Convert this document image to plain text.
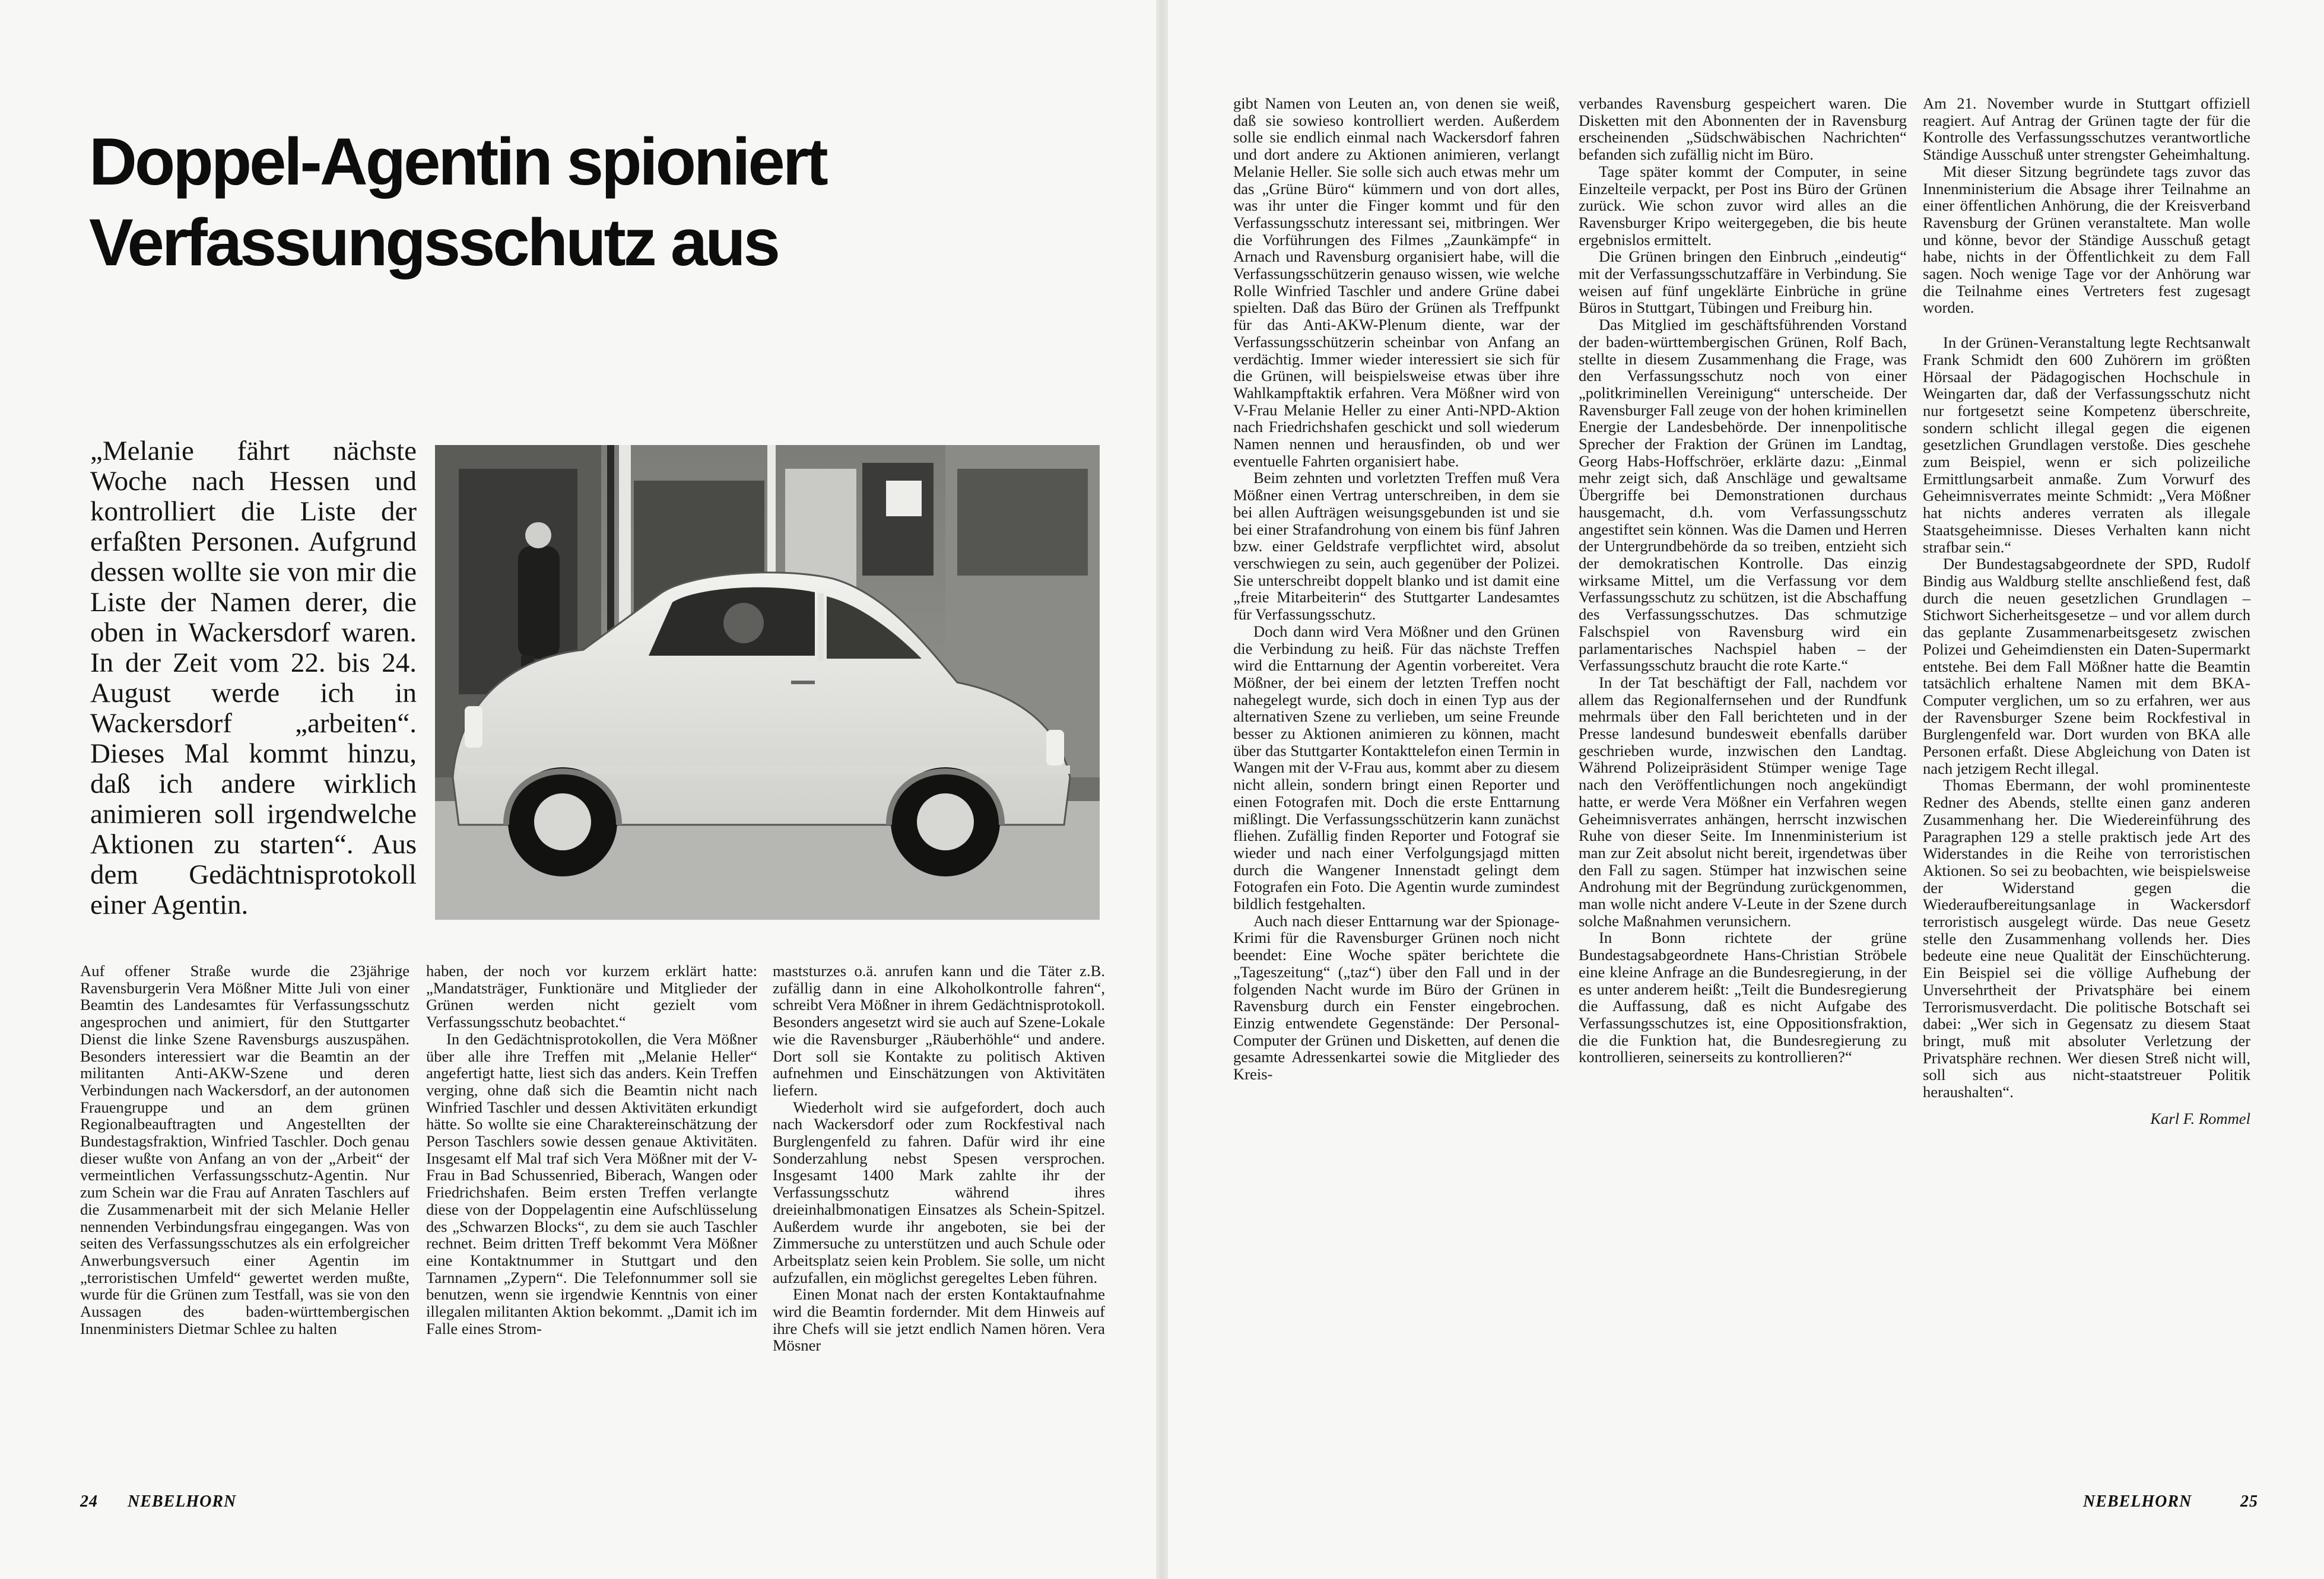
Doppel-Agentin spioniert
Verfassungsschutz aus

„Melanie fährt nächste Woche nach Hessen und kontrolliert die Liste der erfaßten Personen. Aufgrund dessen wollte sie von mir die Liste der Namen derer, die oben in Wackersdorf waren. In der Zeit vom 22. bis 24. August werde ich in Wackersdorf „arbeiten“. Dieses Mal kommt hinzu, daß ich andere wirklich animieren soll irgendwelche Aktionen zu starten“. Aus dem Gedächtnisprotokoll einer Agentin.

Auf offener Straße wurde die 23jährige Ravensburgerin Vera Mößner Mitte Juli von einer Beamtin des Landesamtes für Verfassungsschutz angesprochen und animiert, für den Stuttgarter Dienst die linke Szene Ravensburgs auszuspähen. Besonders interessiert war die Beamtin an der militanten Anti-AKW-Szene und deren Verbindungen nach Wackersdorf, an der autonomen Frauengruppe und an dem grünen Regionalbeauftragten und Angestellten der Bundestagsfraktion, Winfried Taschler. Doch genau dieser wußte von Anfang an von der „Arbeit“ der vermeintlichen Verfassungsschutz-Agentin. Nur zum Schein war die Frau auf Anraten Taschlers auf die Zusammenarbeit mit der sich Melanie Heller nennenden Verbindungsfrau eingegangen. Was von seiten des Verfassungsschutzes als ein erfolgreicher Anwerbungsversuch einer Agentin im „terroristischen Umfeld“ gewertet werden mußte, wurde für die Grünen zum Testfall, was sie von den Aussagen des baden-württembergischen Innenministers Dietmar Schlee zu halten

haben, der noch vor kurzem erklärt hatte: „Mandatsträger, Funktionäre und Mitglieder der Grünen werden nicht gezielt vom Verfassungsschutz beobachtet.“

In den Gedächtnisprotokollen, die Vera Mößner über alle ihre Treffen mit „Melanie Heller“ angefertigt hatte, liest sich das anders. Kein Treffen verging, ohne daß sich die Beamtin nicht nach Winfried Taschler und dessen Aktivitäten erkundigt hätte. So wollte sie eine Charaktereinschätzung der Person Taschlers sowie dessen genaue Aktivitäten. Insgesamt elf Mal traf sich Vera Mößner mit der V-Frau in Bad Schussenried, Biberach, Wangen oder Friedrichshafen. Beim ersten Treffen verlangte diese von der Doppelagentin eine Aufschlüsselung des „Schwarzen Blocks“, zu dem sie auch Taschler rechnet. Beim dritten Treff bekommt Vera Mößner eine Kontaktnummer in Stuttgart und den Tarnnamen „Zypern“. Die Telefonnummer soll sie benutzen, wenn sie irgendwie Kenntnis von einer illegalen militanten Aktion bekommt. „Damit ich im Falle eines Strom-

maststurzes o.ä. anrufen kann und die Täter z.B. zufällig dann in eine Alkoholkontrolle fahren“, schreibt Vera Mößner in ihrem Gedächtnisprotokoll. Besonders angesetzt wird sie auch auf Szene-Lokale wie die Ravensburger „Räuberhöhle“ und andere. Dort soll sie Kontakte zu politisch Aktiven aufnehmen und Einschätzungen von Aktivitäten liefern.

Wiederholt wird sie aufgefordert, doch auch nach Wackersdorf oder zum Rockfestival nach Burglengenfeld zu fahren. Dafür wird ihr eine Sonderzahlung nebst Spesen versprochen. Insgesamt 1400 Mark zahlte ihr der Verfassungsschutz während ihres dreieinhalbmonatigen Einsatzes als Schein-Spitzel. Außerdem wurde ihr angeboten, sie bei der Zimmersuche zu unterstützen und auch Schule oder Arbeitsplatz seien kein Problem. Sie solle, um nicht aufzufallen, ein möglichst geregeltes Leben führen.

Einen Monat nach der ersten Kontaktaufnahme wird die Beamtin fordernder. Mit dem Hinweis auf ihre Chefs will sie jetzt endlich Namen hören. Vera Mösner

gibt Namen von Leuten an, von denen sie weiß, daß sie sowieso kontrolliert werden. Außerdem solle sie endlich einmal nach Wackersdorf fahren und dort andere zu Aktionen animieren, verlangt Melanie Heller. Sie solle sich auch etwas mehr um das „Grüne Büro“ kümmern und von dort alles, was ihr unter die Finger kommt und für den Verfassungsschutz interessant sei, mitbringen. Wer die Vorführungen des Filmes „Zaunkämpfe“ in Arnach und Ravensburg organisiert habe, will die Verfassungsschützerin genauso wissen, wie welche Rolle Winfried Taschler und andere Grüne dabei spielten. Daß das Büro der Grünen als Treffpunkt für das Anti-AKW-Plenum diente, war der Verfassungsschützerin scheinbar von Anfang an verdächtig. Immer wieder interessiert sie sich für die Grünen, will beispielsweise etwas über ihre Wahlkampftaktik erfahren. Vera Mößner wird von V-Frau Melanie Heller zu einer Anti-NPD-Aktion nach Friedrichshafen geschickt und soll wiederum Namen nennen und herausfinden, ob und wer eventuelle Fahrten organisiert habe.

Beim zehnten und vorletzten Treffen muß Vera Mößner einen Vertrag unterschreiben, in dem sie bei allen Aufträgen weisungsgebunden ist und sie bei einer Strafandrohung von einem bis fünf Jahren bzw. einer Geldstrafe verpflichtet wird, absolut verschwiegen zu sein, auch gegenüber der Polizei. Sie unterschreibt doppelt blanko und ist damit eine „freie Mitarbeiterin“ des Stuttgarter Landesamtes für Verfassungsschutz.

Doch dann wird Vera Mößner und den Grünen die Verbindung zu heiß. Für das nächste Treffen wird die Enttarnung der Agentin vorbereitet. Vera Mößner, der bei einem der letzten Treffen nocht nahegelegt wurde, sich doch in einen Typ aus der alternativen Szene zu verlieben, um seine Freunde besser zu Aktionen animieren zu können, macht über das Stuttgarter Kontakttelefon einen Termin in Wangen mit der V-Frau aus, kommt aber zu diesem nicht allein, sondern bringt einen Reporter und einen Fotografen mit. Doch die erste Enttarnung mißlingt. Die Verfassungsschützerin kann zunächst fliehen. Zufällig finden Reporter und Fotograf sie wieder und nach einer Verfolgungsjagd mitten durch die Wangener Innenstadt gelingt dem Fotografen ein Foto. Die Agentin wurde zumindest bildlich festgehalten.

Auch nach dieser Enttarnung war der Spionage-Krimi für die Ravensburger Grünen noch nicht beendet: Eine Woche später berichtete die „Tageszeitung“ („taz“) über den Fall und in der folgenden Nacht wurde im Büro der Grünen in Ravensburg durch ein Fenster eingebrochen. Einzig entwendete Gegenstände: Der Personal-Computer der Grünen und Disketten, auf denen die gesamte Adressenkartei sowie die Mitglieder des Kreis-

verbandes Ravensburg gespeichert waren. Die Disketten mit den Abonnenten der in Ravensburg erscheinenden „Südschwäbischen Nachrichten“ befanden sich zufällig nicht im Büro.

Tage später kommt der Computer, in seine Einzelteile verpackt, per Post ins Büro der Grünen zurück. Wie schon zuvor wird alles an die Ravensburger Kripo weitergegeben, die bis heute ergebnislos ermittelt.

Die Grünen bringen den Einbruch „eindeutig“ mit der Verfassungsschutzaffäre in Verbindung. Sie weisen auf fünf ungeklärte Einbrüche in grüne Büros in Stuttgart, Tübingen und Freiburg hin.

Das Mitglied im geschäftsführenden Vorstand der baden-württembergischen Grünen, Rolf Bach, stellte in diesem Zusammenhang die Frage, was den Verfassungsschutz noch von einer „politkriminellen Vereinigung“ unterscheide. Der Ravensburger Fall zeuge von der hohen kriminellen Energie der Landesbehörde. Der innenpolitische Sprecher der Fraktion der Grünen im Landtag, Georg Habs-Hoffschröer, erklärte dazu: „Einmal mehr zeigt sich, daß Anschläge und gewaltsame Übergriffe bei Demonstrationen durchaus hausgemacht, d.h. vom Verfassungsschutz angestiftet sein können. Was die Damen und Herren der Untergrundbehörde da so treiben, entzieht sich der demokratischen Kontrolle. Das einzig wirksame Mittel, um die Verfassung vor dem Verfassungsschutz zu schützen, ist die Abschaffung des Verfassungsschutzes. Das schmutzige Falschspiel von Ravensburg wird ein parlamentarisches Nachspiel haben – der Verfassungsschutz braucht die rote Karte.“

In der Tat beschäftigt der Fall, nachdem vor allem das Regionalfernsehen und der Rundfunk mehrmals über den Fall berichteten und in der Presse landesund bundesweit ebenfalls darüber geschrieben wurde, inzwischen den Landtag. Während Polizeipräsident Stümper wenige Tage nach den Veröffentlichungen noch angekündigt hatte, er werde Vera Mößner ein Verfahren wegen Geheimnisverrates anhängen, herrscht inzwischen Ruhe von dieser Seite. Im Innenministerium ist man zur Zeit absolut nicht bereit, irgendetwas über den Fall zu sagen. Stümper hat inzwischen seine Androhung mit der Begründung zurückgenommen, man wolle nicht andere V-Leute in der Szene durch solche Maßnahmen verunsichern.

In Bonn richtete der grüne Bundestagsabgeordnete Hans-Christian Ströbele eine kleine Anfrage an die Bundesregierung, in der es unter anderem heißt: „Teilt die Bundesregierung die Auffassung, daß es nicht Aufgabe des Verfassungsschutzes ist, eine Oppositionsfraktion, die die Funktion hat, die Bundesregierung zu kontrollieren, seinerseits zu kontrollieren?“

Am 21. November wurde in Stuttgart offiziell reagiert. Auf Antrag der Grünen tagte der für die Kontrolle des Verfassungsschutzes verantwortliche Ständige Ausschuß unter strengster Geheimhaltung.

Mit dieser Sitzung begründete tags zuvor das Innenministerium die Absage ihrer Teilnahme an einer öffentlichen Anhörung, die der Kreisverband Ravensburg der Grünen veranstaltete. Man wolle und könne, bevor der Ständige Ausschuß getagt habe, nichts in der Öffentlichkeit zu dem Fall sagen. Noch wenige Tage vor der Anhörung war die Teilnahme eines Vertreters fest zugesagt worden.

In der Grünen-Veranstaltung legte Rechtsanwalt Frank Schmidt den 600 Zuhörern im größten Hörsaal der Pädagogischen Hochschule in Weingarten dar, daß der Verfassungsschutz nicht nur fortgesetzt seine Kompetenz überschreite, sondern schlicht illegal gegen die eigenen gesetzlichen Grundlagen verstoße. Dies geschehe zum Beispiel, wenn er sich polizeiliche Ermittlungsarbeit anmaße. Zum Vorwurf des Geheimnisverrates meinte Schmidt: „Vera Mößner hat nichts anderes verraten als illegale Staatsgeheimnisse. Dieses Verhalten kann nicht strafbar sein.“

Der Bundestagsabgeordnete der SPD, Rudolf Bindig aus Waldburg stellte anschließend fest, daß durch die neuen gesetzlichen Grundlagen – Stichwort Sicherheitsgesetze – und vor allem durch das geplante Zusammenarbeitsgesetz zwischen Polizei und Geheimdiensten ein Daten-Supermarkt entstehe. Bei dem Fall Mößner hatte die Beamtin tatsächlich erhaltene Namen mit dem BKA-Computer verglichen, um so zu erfahren, wer aus der Ravensburger Szene beim Rockfestival in Burglengenfeld war. Dort wurden von BKA alle Personen erfaßt. Diese Abgleichung von Daten ist nach jetzigem Recht illegal.

Thomas Ebermann, der wohl prominenteste Redner des Abends, stellte einen ganz anderen Zusammenhang her. Die Wiedereinführung des Paragraphen 129 a stelle praktisch jede Art des Widerstandes in die Reihe von terroristischen Aktionen. So sei zu beobachten, wie beispielsweise der Widerstand gegen die Wiederaufbereitungsanlage in Wackersdorf terroristisch ausgelegt würde. Das neue Gesetz stelle den Zusammenhang vollends her. Dies bedeute eine neue Qualität der Einschüchterung. Ein Beispiel sei die völlige Aufhebung der Unversehrtheit der Privatsphäre bei einem Terrorismusverdacht. Die politische Botschaft sei dabei: „Wer sich in Gegensatz zu diesem Staat bringt, muß mit absoluter Verletzung der Privatsphäre rechnen. Wer diesen Streß nicht will, soll sich aus nicht-staatstreuer Politik heraushalten“.

Karl F. Rommel

24 NEBELHORN	NEBELHORN	25
